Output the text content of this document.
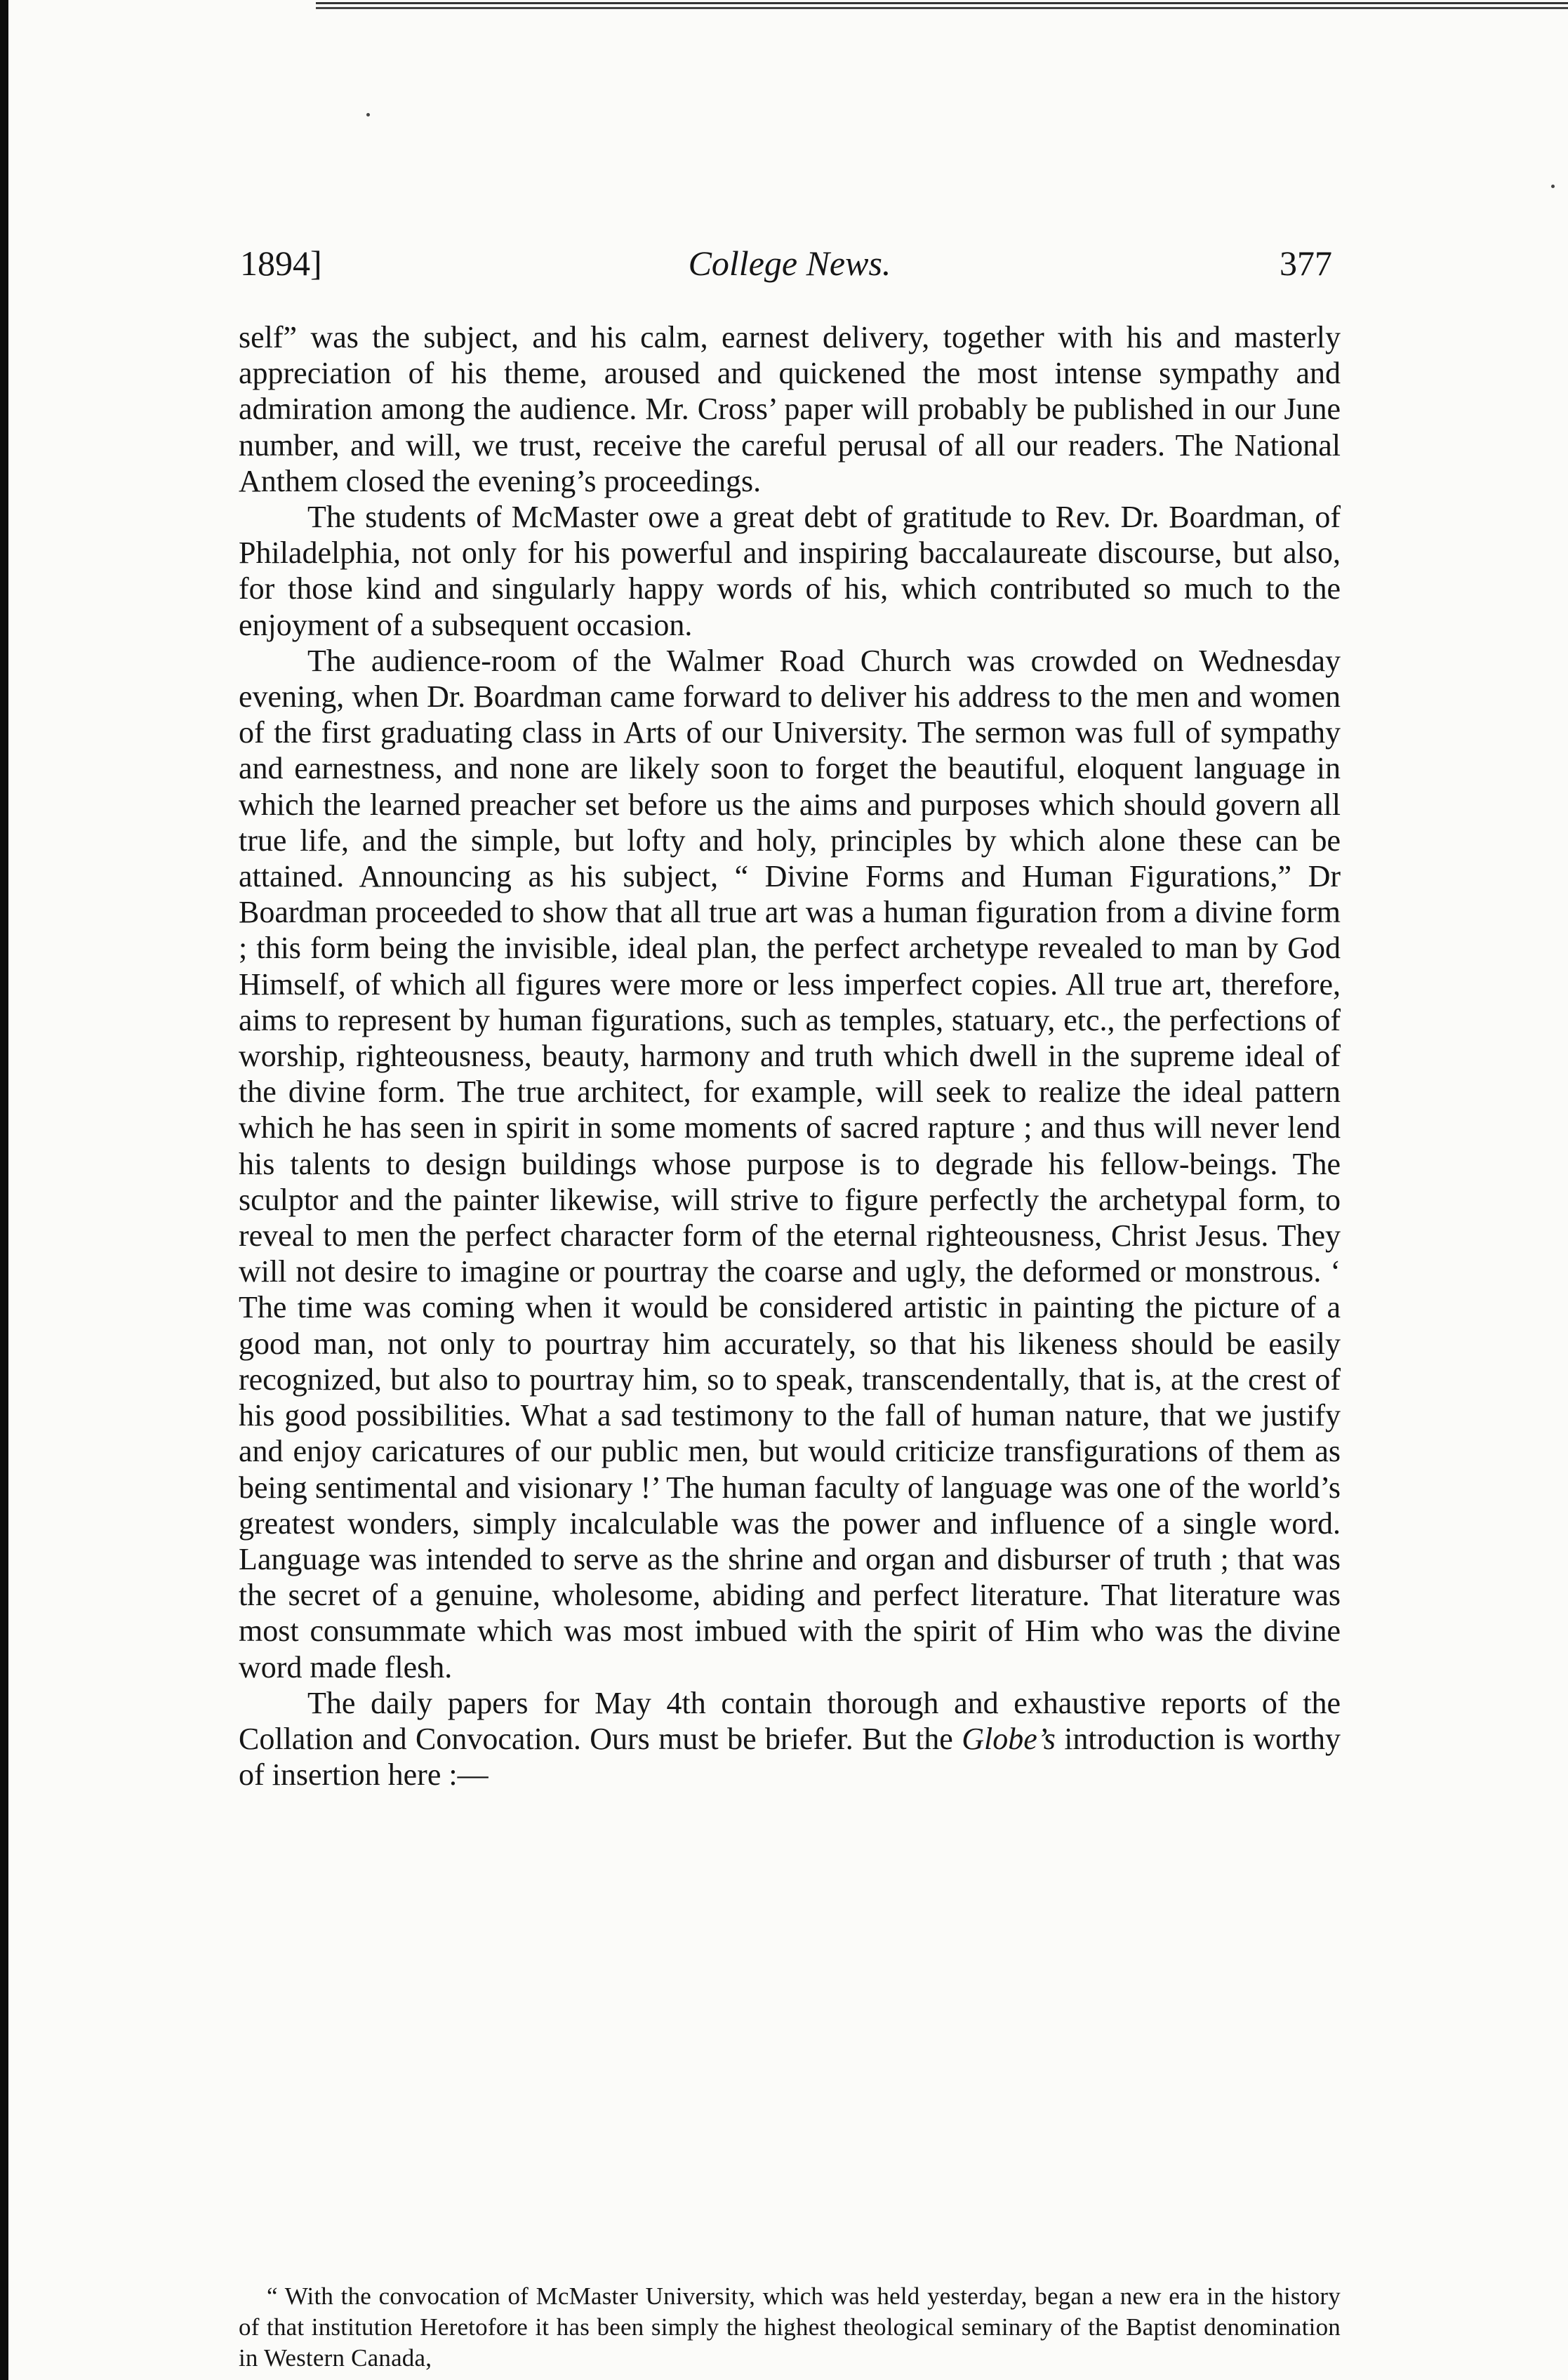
1894]	College News.	377

self” was the subject, and his calm, earnest delivery, together with his and masterly appreciation of his theme, aroused and quickened the most intense sympathy and admiration among the audience. Mr. Cross’ paper will probably be published in our June number, and will, we trust, receive the careful perusal of all our readers. The National Anthem closed the evening’s proceedings.

The students of McMaster owe a great debt of gratitude to Rev. Dr. Boardman, of Philadelphia, not only for his powerful and inspiring baccalaureate discourse, but also, for those kind and singularly happy words of his, which contributed so much to the enjoyment of a subsequent occasion.

The audience-room of the Walmer Road Church was crowded on Wednesday evening, when Dr. Boardman came forward to deliver his address to the men and women of the first graduating class in Arts of our University. The sermon was full of sympathy and earnestness, and none are likely soon to forget the beautiful, eloquent language in which the learned preacher set before us the aims and purposes which should govern all true life, and the simple, but lofty and holy, principles by which alone these can be attained. Announcing as his subject, “ Divine Forms and Human Figurations,” Dr Boardman proceeded to show that all true art was a human figuration from a divine form ; this form being the invisible, ideal plan, the perfect archetype revealed to man by God Himself, of which all figures were more or less imperfect copies. All true art, therefore, aims to represent by human figurations, such as temples, statuary, etc., the perfections of worship, righteousness, beauty, harmony and truth which dwell in the supreme ideal of the divine form. The true architect, for example, will seek to realize the ideal pattern which he has seen in spirit in some moments of sacred rapture ; and thus will never lend his talents to design buildings whose purpose is to degrade his fellow-beings. The sculptor and the painter likewise, will strive to figure perfectly the archetypal form, to reveal to men the perfect character form of the eternal righteousness, Christ Jesus. They will not desire to imagine or pourtray the coarse and ugly, the deformed or monstrous. ‘ The time was coming when it would be considered artistic in painting the picture of a good man, not only to pourtray him accurately, so that his likeness should be easily recognized, but also to pourtray him, so to speak, transcendentally, that is, at the crest of his good possibilities. What a sad testimony to the fall of human nature, that we justify and enjoy caricatures of our public men, but would criticize transfigurations of them as being sentimental and visionary !’ The human faculty of language was one of the world’s greatest wonders, simply incalculable was the power and influence of a single word. Language was intended to serve as the shrine and organ and disburser of truth ; that was the secret of a genuine, wholesome, abiding and perfect literature. That literature was most consummate which was most imbued with the spirit of Him who was the divine word made flesh.

The daily papers for May 4th contain thorough and exhaustive reports of the Collation and Convocation. Ours must be briefer. But the Globe’s introduction is worthy of insertion here :—

“ With the convocation of McMaster University, which was held yesterday, began a new era in the history of that institution Heretofore it has been simply the highest theological seminary of the Baptist denomination in Western Canada,
